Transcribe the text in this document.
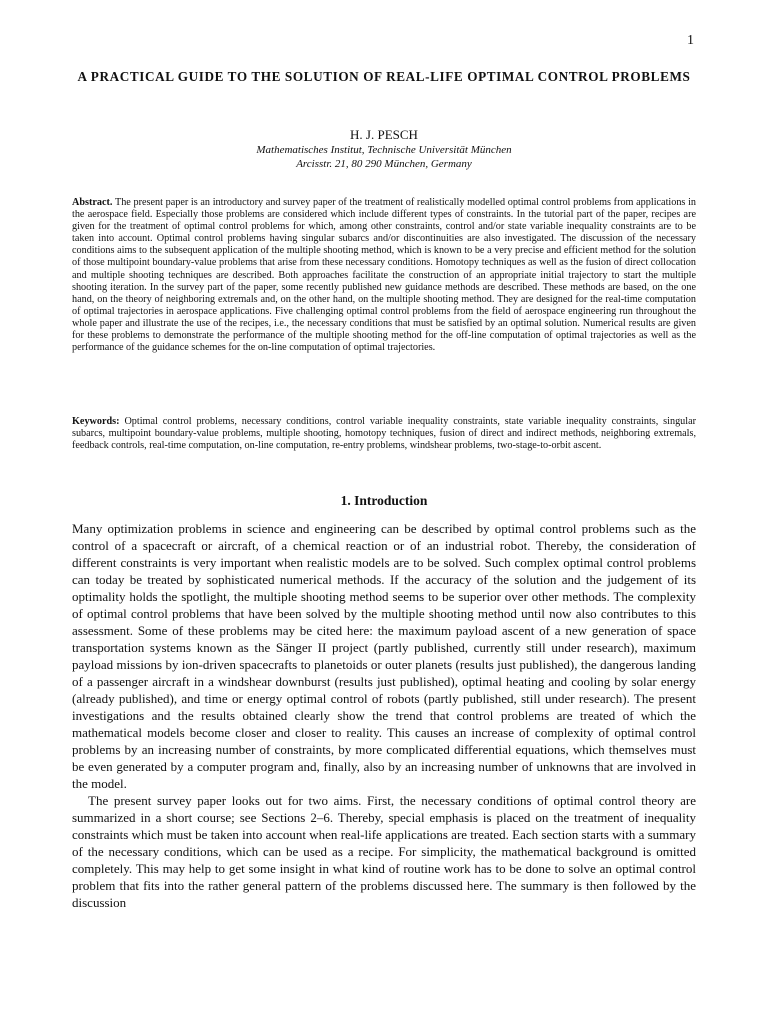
1
A PRACTICAL GUIDE TO THE SOLUTION OF REAL-LIFE OPTIMAL CONTROL PROBLEMS
H. J. PESCH
Mathematisches Institut, Technische Universität München
Arcisstr. 21, 80 290 München, Germany

Abstract. The present paper is an introductory and survey paper of the treatment of realistically modelled optimal control problems from applications in the aerospace field. Especially those problems are considered which include different types of constraints. In the tutorial part of the paper, recipes are given for the treatment of optimal control problems for which, among other constraints, control and/or state variable inequality constraints are to be taken into account. Optimal control problems having singular subarcs and/or discontinuities are also investigated. The discussion of the necessary conditions aims to the subsequent application of the multiple shooting method, which is known to be a very precise and efficient method for the solution of those multipoint boundary-value problems that arise from these necessary conditions. Homotopy techniques as well as the fusion of direct collocation and multiple shooting techniques are described. Both approaches facilitate the construction of an appropriate initial trajectory to start the multiple shooting iteration. In the survey part of the paper, some recently published new guidance methods are described. These methods are based, on the one hand, on the theory of neighboring extremals and, on the other hand, on the multiple shooting method. They are designed for the real-time computation of optimal trajectories in aerospace applications. Five challenging optimal control problems from the field of aerospace engineering run throughout the whole paper and illustrate the use of the recipes, i.e., the necessary conditions that must be satisfied by an optimal solution. Numerical results are given for these problems to demonstrate the performance of the multiple shooting method for the off-line computation of optimal trajectories as well as the performance of the guidance schemes for the on-line computation of optimal trajectories.

Keywords: Optimal control problems, necessary conditions, control variable inequality constraints, state variable inequality constraints, singular subarcs, multipoint boundary-value problems, multiple shooting, homotopy techniques, fusion of direct and indirect methods, neighboring extremals, feedback controls, real-time computation, on-line computation, re-entry problems, windshear problems, two-stage-to-orbit ascent.

1. Introduction

Many optimization problems in science and engineering can be described by optimal control problems such as the control of a spacecraft or aircraft, of a chemical reaction or of an industrial robot. Thereby, the consideration of different constraints is very important when realistic models are to be solved. Such complex optimal control problems can today be treated by sophisticated numerical methods. If the accuracy of the solution and the judgement of its optimality holds the spotlight, the multiple shooting method seems to be superior over other methods. The complexity of optimal control problems that have been solved by the multiple shooting method until now also contributes to this assessment. Some of these problems may be cited here: the maximum payload ascent of a new generation of space transportation systems known as the Sänger II project (partly published, currently still under research), maximum payload missions by ion-driven spacecrafts to planetoids or outer planets (results just published), the dangerous landing of a passenger aircraft in a windshear downburst (results just published), optimal heating and cooling by solar energy (already published), and time or energy optimal control of robots (partly published, still under research). The present investigations and the results obtained clearly show the trend that control problems are treated of which the mathematical models become closer and closer to reality. This causes an increase of complexity of optimal control problems by an increasing number of constraints, by more complicated differential equations, which themselves must be even generated by a computer program and, finally, also by an increasing number of unknowns that are involved in the model.

The present survey paper looks out for two aims. First, the necessary conditions of optimal control theory are summarized in a short course; see Sections 2–6. Thereby, special emphasis is placed on the treatment of inequality constraints which must be taken into account when real-life applications are treated. Each section starts with a summary of the necessary conditions, which can be used as a recipe. For simplicity, the mathematical background is omitted completely. This may help to get some insight in what kind of routine work has to be done to solve an optimal control problem that fits into the rather general pattern of the problems discussed here. The summary is then followed by the discussion
